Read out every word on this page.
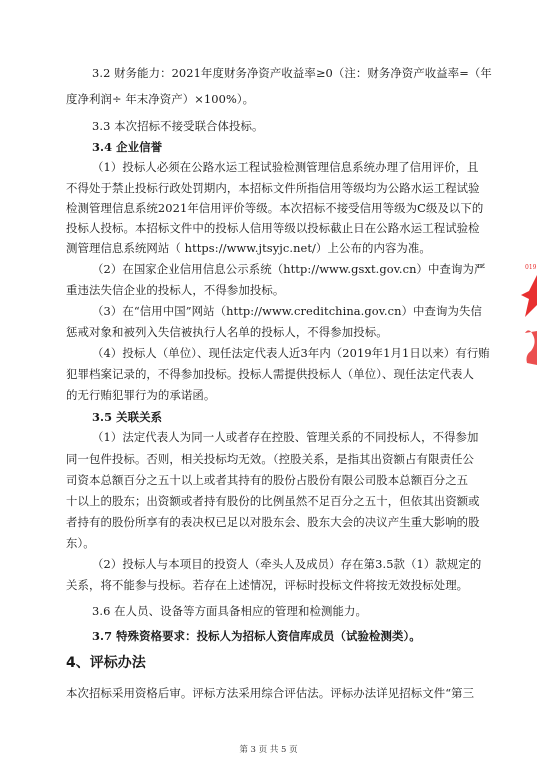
3.2 财务能力：2021年度财务净资产收益率≥0（注：财务净资产收益率=（年
度净利润÷ 年末净资产）×100%）。
3.3 本次招标不接受联合体投标。
3.4 企业信誉
（1）投标人必须在公路水运工程试验检测管理信息系统办理了信用评价，且
不得处于禁止投标行政处罚期内，本招标文件所指信用等级均为公路水运工程试验
检测管理信息系统2021年信用评价等级。本次招标不接受信用等级为C级及以下的
投标人投标。本招标文件中的投标人信用等级以投标截止日在公路水运工程试验检
测管理信息系统网站（ https://www.jtsyjc.net/）上公布的内容为准。
（2）在国家企业信用信息公示系统（http://www.gsxt.gov.cn）中查询为严
重违法失信企业的投标人，不得参加投标。
（3）在“信用中国”网站（http://www.creditchina.gov.cn）中查询为失信
惩戒对象和被列入失信被执行人名单的投标人，不得参加投标。
（4）投标人（单位）、现任法定代表人近3年内（2019年1月1日以来）有行贿
犯罪档案记录的，不得参加投标。投标人需提供投标人（单位）、现任法定代表人
的无行贿犯罪行为的承诺函。
3.5 关联关系
（1）法定代表人为同一人或者存在控股、管理关系的不同投标人，不得参加
同一包件投标。否则，相关投标均无效。（控股关系，是指其出资额占有限责任公
司资本总额百分之五十以上或者其持有的股份占股份有限公司股本总额百分之五
十以上的股东；出资额或者持有股份的比例虽然不足百分之五十，但依其出资额或
者持有的股份所享有的表决权已足以对股东会、股东大会的决议产生重大影响的股
东）。
（2）投标人与本项目的投资人（牵头人及成员）存在第3.5款（1）款规定的
关系，将不能参与投标。若存在上述情况，评标时投标文件将按无效投标处理。
3.6 在人员、设备等方面具备相应的管理和检测能力。
3.7 特殊资格要求：投标人为招标人资信库成员（试验检测类）。
本次招标采用资格后审。评标方法采用综合评估法。评标办法详见招标文件“第三
4、评标办法
第 3 页 共 5 页
019
